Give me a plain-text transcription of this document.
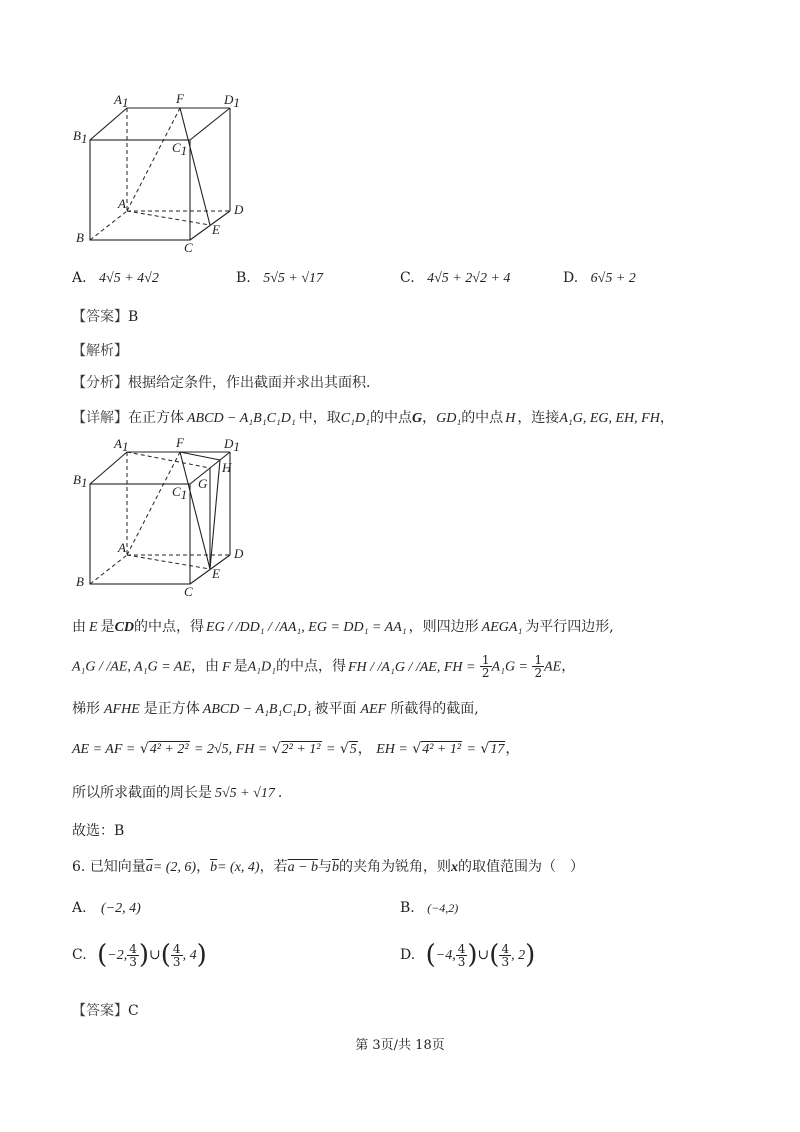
A1	F	D1
B1
C1
A	D
B
E
C
A. 4√5 + 4√2	B. 5√5 + √17	C. 4√5 + 2√2 + 4	D. 6√5 + 2
【答案】B
【解析】
【分析】根据给定条件，作出截面并求出其面积.
【详解】在正方体 ABCD − A₁B₁C₁D₁ 中，取C₁D₁的中点G，GD₁的中点 H ，连接A₁G, EG, EH, FH，
A1	F	D1
H
B1
C1
G
A	D
B
E
C
由 E 是CD的中点，得 EG / /DD₁ / /AA₁, EG = DD₁ = AA₁ ，则四边形 AEGA₁ 为平行四边形,
A₁G / /AE, A₁G = AE，由 F 是A₁D₁的中点，得 FH / /A₁G / /AE, FH = $\frac{1}{2} A_1G = \frac{1}{2}$ AE，
梯形 AFHE 是正方体 ABCD − A₁B₁C₁D₁ 被平面 AEF 所截得的截面,
AE = AF = √4² + 2² = 2√5, FH = √2² + 1² = √5， EH = √4² + 1² = √17，
所以所求截面的周长是 5√5 + √17 .
故选：B
6. 已知向量$\overline{a}= (2$, 6)，$\overline{b}= (x$, 4)，若a − b与$\overline{b}$的夹角为锐角，则x的取值范围为（　）
A. (−2, 4)	B. (−4,2)
C. (−2, $\frac{4}{3}$ )∪( $\frac{4}{3}$ , 4)	D. (−4, $\frac{4}{3}$ )∪( $\frac{4}{3}$ , 2)
【答案】C
第 3页/共 18页
